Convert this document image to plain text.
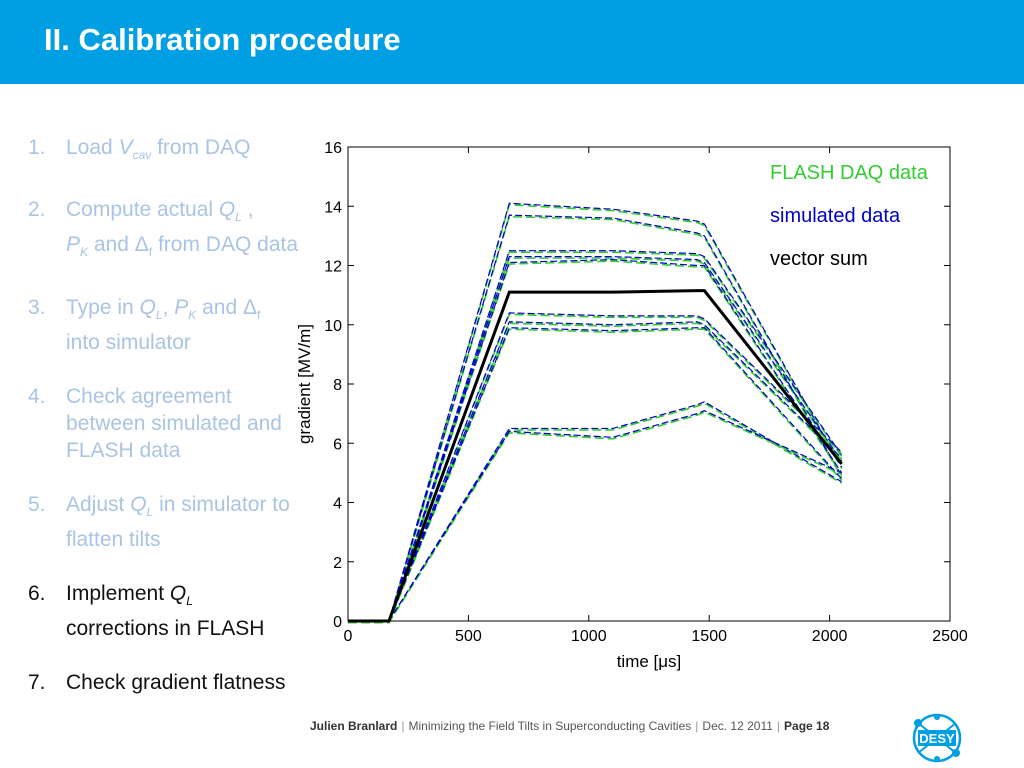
II. Calibration procedure
1. Load $V_{cav}$ from DAQ
2. Compute actual $Q_L$ ,
$P_K$ and $\Delta_f$ from DAQ data
3. Type in $Q_L$, $P_K$ and $\Delta_f$ into simulator
4. Check agreement between simulated and FLASH data
5. Adjust $Q_L$ in simulator to flatten tilts
6. Implement $Q_L$ corrections in FLASH
7. Check gradient flatness
0	500	1000	1500	2000	2500
0
2
4
6
8
10
12
14
16
time [μs]
gradient [MV/m]
FLASH DAQ data
simulated data
vector sum
Julien Branlard | Minimizing the Field Tilts in Superconducting Cavities | Dec. 12 2011 | Page 18
DESY
